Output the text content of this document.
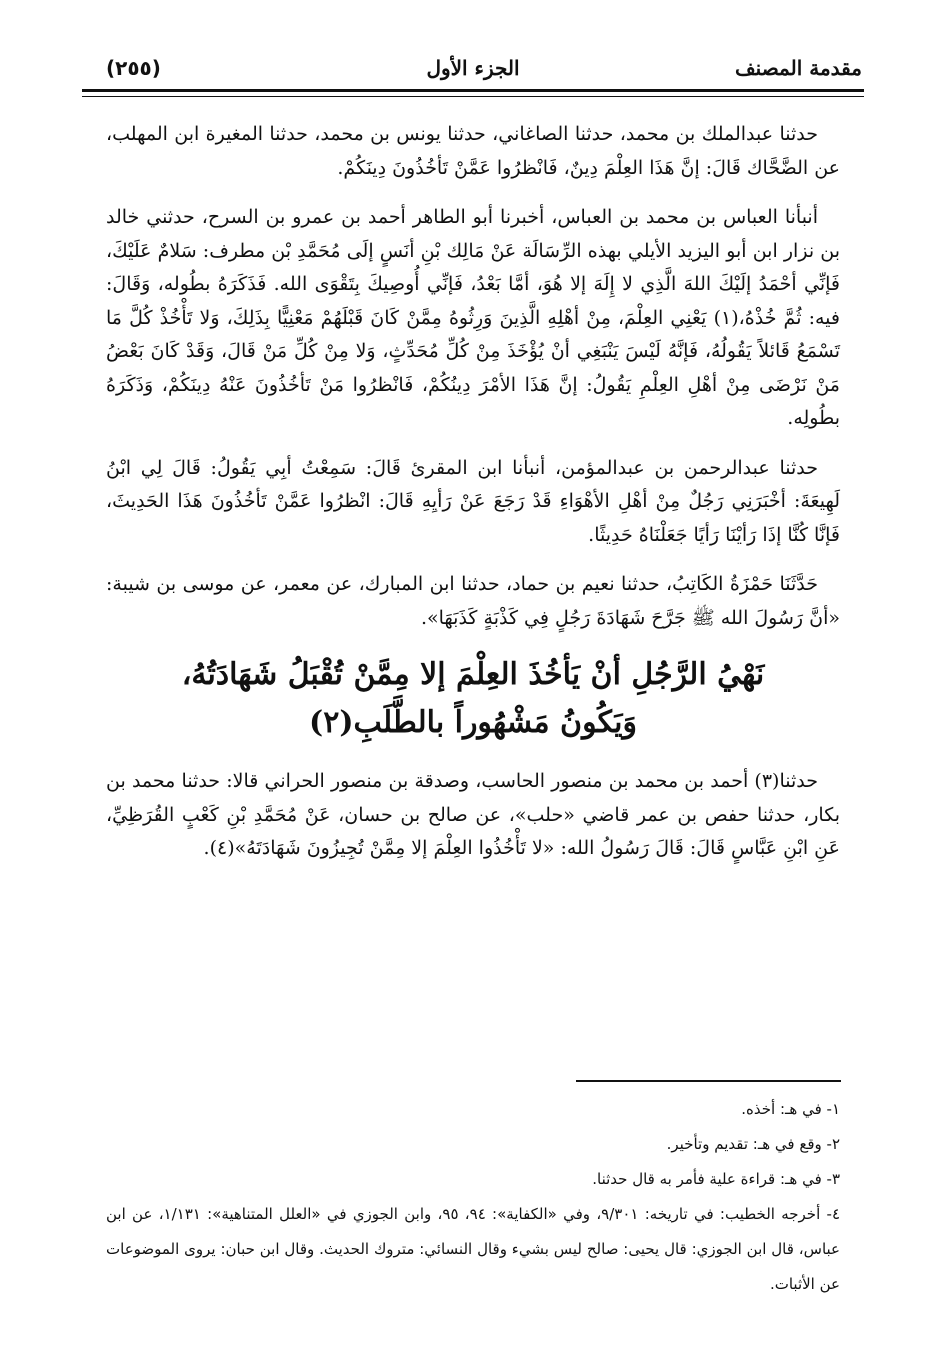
مقدمة المصنف
الجزء الأول
(٢٥٥)

حدثنا عبدالملك بن محمد، حدثنا الصاغاني، حدثنا يونس بن محمد، حدثنا المغيرة ابن المهلب، عن الضَّحَّاك قَالَ: إنَّ هَذَا العِلْمَ دِينٌ، فَانْظرُوا عَمَّنْ تَأخُذُونَ دِينَكُمْ.

أنبأنا العباس بن محمد بن العباس، أخبرنا أبو الطاهر أحمد بن عمرو بن السرح، حدثني خالد بن نزار ابن أبو اليزيد الأيلي بهذه الرِّسَالَة عَنْ مَالِك بْنِ أنَسٍ إلَى مُحَمَّدِ بْن مطرف: سَلامٌ عَلَيْكَ، فَإنِّي أحْمَدُ إلَيْكَ اللهَ الَّذِي لا إِلَهَ إلا هُوَ، أمَّا بَعْدُ، فَإنِّي أُوصِيكَ بِتَقْوَى الله. فَذَكَرَهُ بطُوله، وَقَالَ: فيه: ثُمَّ خُذْهُ،(١) يَعْنِي العِلْمَ، مِنْ أهْلِهِ الَّذِينَ وَرِثُوهُ مِمَّنْ كَانَ قَبْلَهُمْ مَعْنِيًّا بِذَلِكَ، وَلا تَأْخُذْ كُلَّ مَا تَسْمَعُ قَائلاً يَقُولُهُ، فَإنَّهُ لَيْسَ يَنْبَغِي أنْ يُؤْخَذَ مِنْ كُلِّ مُحَدِّثٍ، وَلا مِنْ كُلِّ مَنْ قَالَ، وَقَدْ كَانَ بَعْضُ مَنْ نَرْضَى مِنْ أهْلِ العِلْمِ يَقُولُ: إنَّ هَذَا الأمْرَ دِينُكُمْ، فَانْظرُوا مَنْ تَأخُذُونَ عَنْهُ دِينَكُمْ، وَذَكَرَهُ بطُولِه.

حدثنا عبدالرحمن بن عبدالمؤمن، أنبأنا ابن المقرئ قَالَ: سَمِعْتُ أبِي يَقُولُ: قَالَ لِي ابْنُ لَهِيعَةَ: أخْبَرَنِي رَجُلٌ مِنْ أهْلِ الأهْوَاءِ قَدْ رَجَعَ عَنْ رَأيِهِ قَالَ: انْظرُوا عَمَّنْ تَأخُذُونَ هَذَا الحَدِيثَ، فَإنَّا كُنَّا إذَا رَأيْنَا رَأيًا جَعَلْنَاهُ حَدِيثًا.

حَدَّثَنَا حَمْزَةُ الكَاتِبُ، حدثنا نعيم بن حماد، حدثنا ابن المبارك، عن معمر، عن موسى بن شيبة: «أنَّ رَسُولَ الله ﷺ جَرَّحَ شَهَادَةَ رَجُلٍ فِي كَذْبَةٍ كَذَبَهَا».

نَهْيُ الرَّجُلِ أنْ يَأخُذَ العِلْمَ إلا مِمَّنْ تُقْبَلُ شَهَادَتُهُ،
وَيَكُونُ مَشْهُوراً بالطَّلَبِ(٢)

حدثنا(٣) أحمد بن محمد بن منصور الحاسب، وصدقة بن منصور الحراني قالا: حدثنا محمد بن بكار، حدثنا حفص بن عمر قاضي «حلب»، عن صالح بن حسان، عَنْ مُحَمَّدِ بْنِ كَعْبٍ القُرَظِيِّ، عَنِ ابْنِ عَبَّاسٍ قَالَ: قَالَ رَسُولُ الله: «لا تَأْخُذُوا العِلْمَ إلا مِمَّنْ تُجِيزُونَ شَهَادَتَهُ»(٤).

١- في هـ: أخذه.

٢- وقع في هـ: تقديم وتأخير.

٣- في هـ: قراءة علية فأمر به قال حدثنا.

٤- أخرجه الخطيب: في تاريخه: ٩/٣٠١، وفي «الكفاية»: ٩٤، ٩٥، وابن الجوزي في «العلل المتناهية»: ١/١٣١، عن ابن عباس، قال ابن الجوزي: قال يحيى: صالح ليس بشيء وقال النسائي: متروك الحديث. وقال ابن حبان: يروى الموضوعات عن الأثبات.
